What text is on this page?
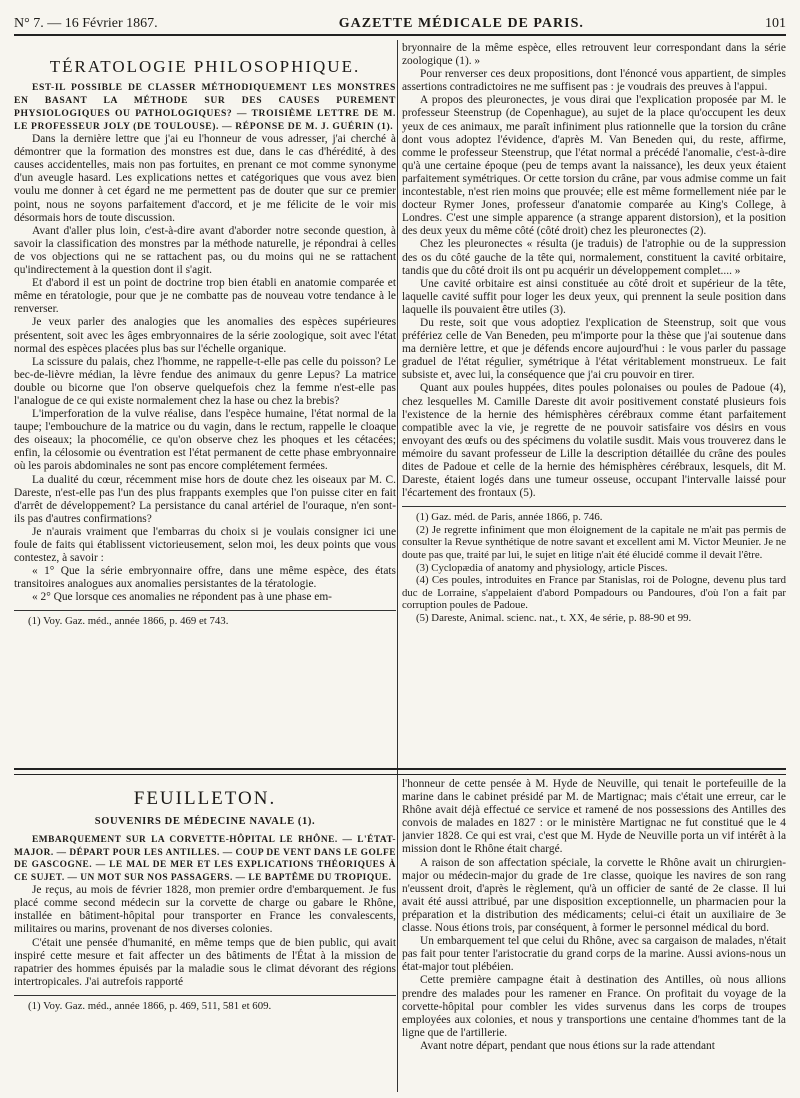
N° 7. — 16 Février 1867.	GAZETTE MÉDICALE DE PARIS.	101
TÉRATOLOGIE PHILOSOPHIQUE.

EST-IL POSSIBLE DE CLASSER MÉTHODIQUEMENT LES MONSTRES EN BASANT LA MÉTHODE SUR DES CAUSES PUREMENT PHYSIOLOGIQUES OU PATHOLOGIQUES? — TROISIÈME LETTRE DE M. LE PROFESSEUR JOLY (DE TOULOUSE). — RÉPONSE DE M. J. GUÉRIN (1).

Dans la dernière lettre que j'ai eu l'honneur de vous adresser, j'ai cherché à démontrer que la formation des monstres est due, dans le cas d'hérédité, à des causes accidentelles, mais non pas fortuites, en prenant ce mot comme synonyme d'un aveugle hasard. Les explications nettes et catégoriques que vous avez bien voulu me donner à cet égard ne me permettent pas de douter que sur ce premier point, nous ne soyons parfaitement d'accord, et je me félicite de le voir mis désormais hors de toute discussion.

Avant d'aller plus loin, c'est-à-dire avant d'aborder notre seconde question, à savoir la classification des monstres par la méthode naturelle, je répondrai à celles de vos objections qui ne se rattachent pas, ou du moins qui ne se rattachent qu'indirectement à la question dont il s'agit.

Et d'abord il est un point de doctrine trop bien établi en anatomie comparée et même en tératologie, pour que je ne combatte pas de nouveau votre tendance à le renverser.

Je veux parler des analogies que les anomalies des espèces supérieures présentent, soit avec les âges embryonnaires de la série zoologique, soit avec l'état normal des espèces placées plus bas sur l'échelle organique.

La scissure du palais, chez l'homme, ne rappelle-t-elle pas celle du poisson? Le bec-de-lièvre médian, la lèvre fendue des animaux du genre Lepus? La matrice double ou bicorne que l'on observe quelquefois chez la femme n'est-elle pas l'analogue de ce qui existe normalement chez la hase ou chez la brebis?

L'imperforation de la vulve réalise, dans l'espèce humaine, l'état normal de la taupe; l'embouchure de la matrice ou du vagin, dans le rectum, rappelle le cloaque des oiseaux; la phocomélie, ce qu'on observe chez les phoques et les cétacées; enfin, la célosomie ou éventration est l'état permanent de cette phase embryonnaire où les parois abdominales ne sont pas encore complétement fermées.

La dualité du cœur, récemment mise hors de doute chez les oiseaux par M. C. Dareste, n'est-elle pas l'un des plus frappants exemples que l'on puisse citer en fait d'arrêt de développement? La persistance du canal artériel de l'ouraque, n'en sont-ils pas d'autres confirmations?

Je n'aurais vraiment que l'embarras du choix si je voulais consigner ici une foule de faits qui établissent victorieusement, selon moi, les deux points que vous contestez, à savoir :

« 1° Que la série embryonnaire offre, dans une même espèce, des états transitoires analogues aux anomalies persistantes de la tératologie.

« 2° Que lorsque ces anomalies ne répondent pas à une phase em-

(1) Voy. Gaz. méd., année 1866, p. 469 et 743.

bryonnaire de la même espèce, elles retrouvent leur correspondant dans la série zoologique (1). »

Pour renverser ces deux propositions, dont l'énoncé vous appartient, de simples assertions contradictoires ne me suffisent pas : je voudrais des preuves à l'appui.

A propos des pleuronectes, je vous dirai que l'explication proposée par M. le professeur Steenstrup (de Copenhague), au sujet de la place qu'occupent les deux yeux de ces animaux, me paraît infiniment plus rationnelle que la torsion du crâne dont vous adoptez l'évidence, d'après M. Van Beneden qui, du reste, affirme, comme le professeur Steenstrup, que l'état normal a précédé l'anomalie, c'est-à-dire qu'à une certaine époque (peu de temps avant la naissance), les deux yeux étaient parfaitement symétriques. Or cette torsion du crâne, par vous admise comme un fait incontestable, n'est rien moins que prouvée; elle est même formellement niée par le docteur Rymer Jones, professeur d'anatomie comparée au King's College, à Londres. C'est une simple apparence (a strange apparent distorsion), et la position des deux yeux du même côté (côté droit) chez les pleuronectes (2).

Chez les pleuronectes « résulta (je traduis) de l'atrophie ou de la suppression des os du côté gauche de la tête qui, normalement, constituent la cavité orbitaire, tandis que du côté droit ils ont pu acquérir un développement complet.... »

Une cavité orbitaire est ainsi constituée au côté droit et supérieur de la tête, laquelle cavité suffit pour loger les deux yeux, qui prennent la seule position dans laquelle ils pouvaient être utiles (3).

Du reste, soit que vous adoptiez l'explication de Steenstrup, soit que vous préfériez celle de Van Beneden, peu m'importe pour la thèse que j'ai soutenue dans ma dernière lettre, et que je défends encore aujourd'hui : le vous parler du passage graduel de l'état régulier, symétrique à l'état véritablement monstrueux. Le fait subsiste et, avec lui, la conséquence que j'ai cru pouvoir en tirer.

Quant aux poules huppées, dites poules polonaises ou poules de Padoue (4), chez lesquelles M. Camille Dareste dit avoir positivement constaté plusieurs fois l'existence de la hernie des hémisphères cérébraux comme étant parfaitement compatible avec la vie, je regrette de ne pouvoir satisfaire vos désirs en vous envoyant des œufs ou des spécimens du volatile susdit. Mais vous trouverez dans le mémoire du savant professeur de Lille la description détaillée du crâne des poules dites de Padoue et celle de la hernie des hémisphères cérébraux, lesquels, dit M. Dareste, étaient logés dans une tumeur osseuse, occupant l'intervalle laissé pour l'écartement des frontaux (5).

(1) Gaz. méd. de Paris, année 1866, p. 746.

(2) Je regrette infiniment que mon éloignement de la capitale ne m'ait pas permis de consulter la Revue synthétique de notre savant et excellent ami M. Victor Meunier. Je ne doute pas que, traité par lui, le sujet en litige n'ait été élucidé comme il devait l'être.

(3) Cyclopædia of anatomy and physiology, article Pisces.

(4) Ces poules, introduites en France par Stanislas, roi de Pologne, devenu plus tard duc de Lorraine, s'appelaient d'abord Pompadours ou Pandoures, d'où l'on a fait par corruption poules de Padoue.

(5) Dareste, Animal. scienc. nat., t. XX, 4e série, p. 88-90 et 99.

FEUILLETON.
SOUVENIRS DE MÉDECINE NAVALE (1).

EMBARQUEMENT SUR LA CORVETTE-HÔPITAL LE RHÔNE. — L'ÉTAT-MAJOR. — DÉPART POUR LES ANTILLES. — COUP DE VENT DANS LE GOLFE DE GASCOGNE. — LE MAL DE MER ET LES EXPLICATIONS THÉORIQUES À CE SUJET. — UN MOT SUR NOS PASSAGERS. — LE BAPTÊME DU TROPIQUE.

Je reçus, au mois de février 1828, mon premier ordre d'embarquement. Je fus placé comme second médecin sur la corvette de charge ou gabare le Rhône, installée en bâtiment-hôpital pour transporter en France les convalescents, militaires ou marins, provenant de nos diverses colonies.

C'était une pensée d'humanité, en même temps que de bien public, qui avait inspiré cette mesure et fait affecter un des bâtiments de l'État à la mission de rapatrier des hommes épuisés par la maladie sous le climat dévorant des régions intertropicales. J'ai autrefois rapporté

(1) Voy. Gaz. méd., année 1866, p. 469, 511, 581 et 609.

l'honneur de cette pensée à M. Hyde de Neuville, qui tenait le portefeuille de la marine dans le cabinet présidé par M. de Martignac; mais c'était une erreur, car le Rhône avait déjà effectué ce service et ramené de nos possessions des Antilles des convois de malades en 1827 : or le ministère Martignac ne fut constitué que le 4 janvier 1828. Ce qui est vrai, c'est que M. Hyde de Neuville porta un vif intérêt à la mission dont le Rhône était chargé.

A raison de son affectation spéciale, la corvette le Rhône avait un chirurgien-major ou médecin-major du grade de 1re classe, quoique les navires de son rang n'eussent droit, d'après le règlement, qu'à un officier de santé de 2e classe. Il lui avait été aussi attribué, par une disposition exceptionnelle, un pharmacien pour la préparation et la distribution des médicaments; celui-ci était un auxiliaire de 3e classe. Nous étions trois, par conséquent, à former le personnel médical du bord.

Un embarquement tel que celui du Rhône, avec sa cargaison de malades, n'était pas fait pour tenter l'aristocratie du grand corps de la marine. Aussi avions-nous un état-major tout plébéien.

Cette première campagne était à destination des Antilles, où nous allions prendre des malades pour les ramener en France. On profitait du voyage de la corvette-hôpital pour combler les vides survenus dans les corps de troupes employées aux colonies, et nous y transportions une centaine d'hommes tant de la ligne que de l'artillerie.

Avant notre départ, pendant que nous étions sur la rade attendant
